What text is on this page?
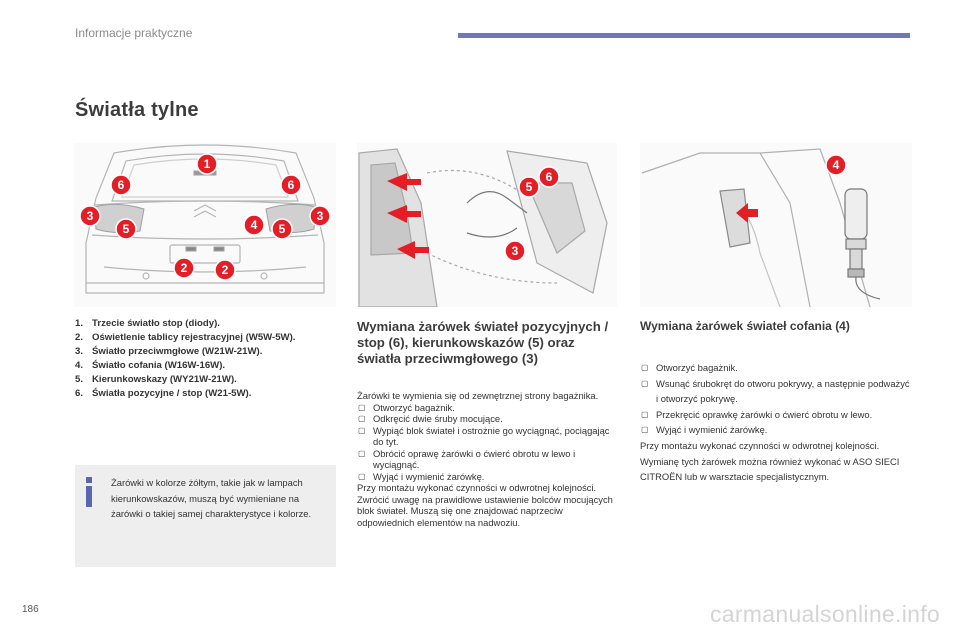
Informacje praktyczne
Światła tylne
1
2	2
3	3
4
5	5
6	6	5
6
3
4
1. Trzecie światło stop (diody).
2. Oświetlenie tablicy rejestracyjnej (W5W-5W).
3. Światło przeciwmgłowe (W21W-21W).
4. Światło cofania (W16W-16W).
5. Kierunkowskazy (WY21W-21W).
6. Światła pozycyjne / stop (W21-5W).
Żarówki w kolorze żółtym, takie jak w lampach kierunkowskazów, muszą być wymieniane na żarówki o takiej samej charakterystyce i kolorze.
Wymiana żarówek świateł pozycyjnych / stop (6), kierunkowskazów (5) oraz światła przeciwmgłowego (3)
Żarówki te wymienia się od zewnętrznej strony bagażnika.
▢ Otworzyć bagażnik.
▢ Odkręcić dwie śruby mocujące.
▢ Wypiąć blok świateł i ostrożnie go wyciągnąć, pociągając do tyt.
▢ Obrócić oprawę żarówki o ćwierć obrotu w lewo i wyciągnąć.
▢ Wyjąć i wymienić żarówkę.
Przy montażu wykonać czynności w odwrotnej kolejności.
Zwrócić uwagę na prawidłowe ustawienie bolców mocujących blok świateł. Muszą się one znajdować naprzeciw odpowiednich elementów na nadwoziu.
Wymiana żarówek świateł cofania (4)
▢ Otworzyć bagażnik.
▢ Wsunąć śrubokręt do otworu pokrywy, a następnie podważyć i otworzyć pokrywę.
▢ Przekręcić oprawkę żarówki o ćwierć obrotu w lewo.
▢ Wyjąć i wymienić żarówkę.
Przy montażu wykonać czynności w odwrotnej kolejności.
Wymianę tych żarówek można również wykonać w ASO SIECI CITROËN lub w warsztacie specjalistycznym.
186	carmanualsonline.info
